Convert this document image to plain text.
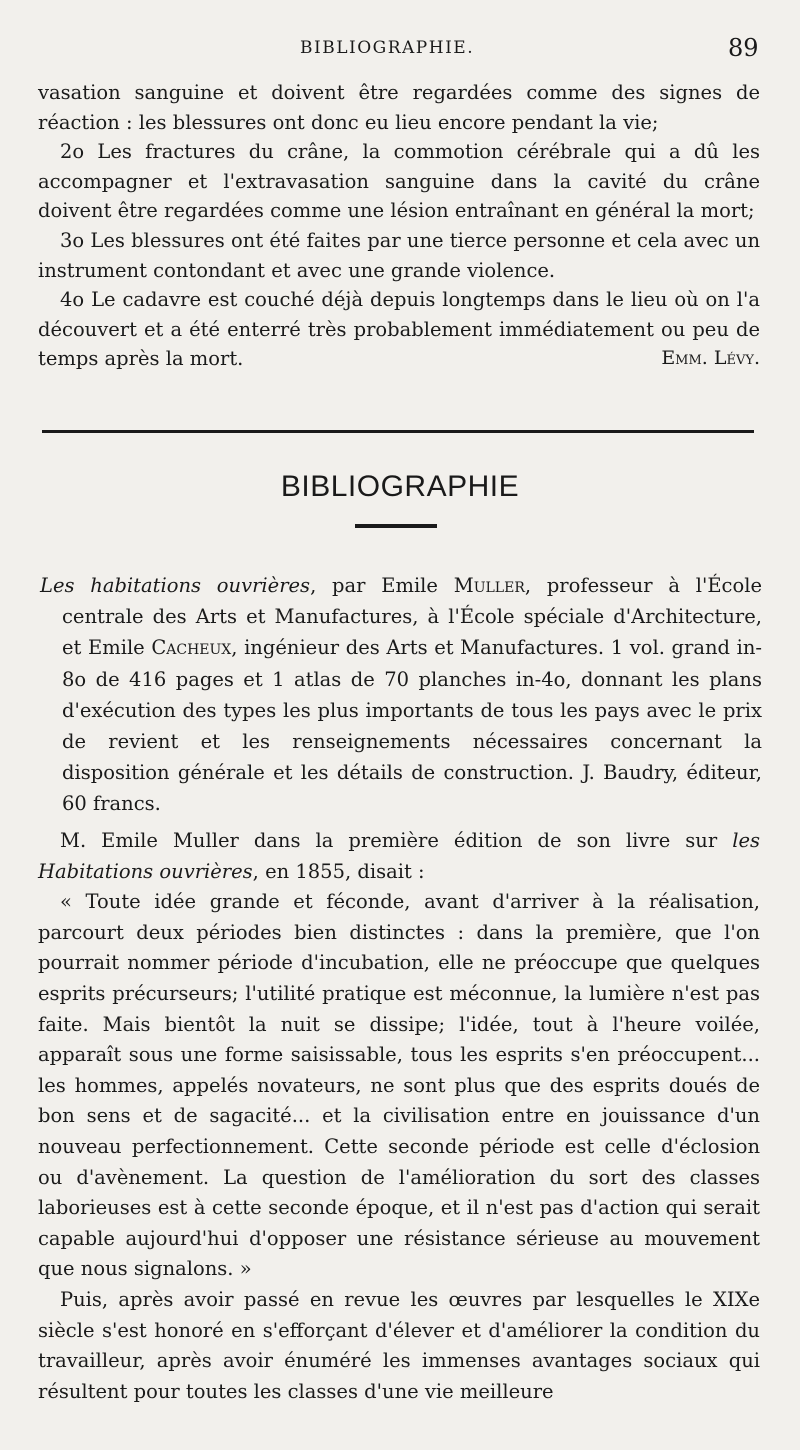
BIBLIOGRAPHIE.	89

vasation sanguine et doivent être regardées comme des signes de réaction : les blessures ont donc eu lieu encore pendant la vie;

2o Les fractures du crâne, la commotion cérébrale qui a dû les accompagner et l'extravasation sanguine dans la cavité du crâne doivent être regardées comme une lésion entraînant en général la mort;

3o Les blessures ont été faites par une tierce personne et cela avec un instrument contondant et avec une grande violence.

4o Le cadavre est couché déjà depuis longtemps dans le lieu où on l'a découvert et a été enterré très probablement immédiatement ou peu de temps après la mort.	Emm. Lévy.

BIBLIOGRAPHIE

Les habitations ouvrières, par Emile Muller, professeur à l'École centrale des Arts et Manufactures, à l'École spéciale d'Architecture, et Emile Cacheux, ingénieur des Arts et Manufactures. 1 vol. grand in-8o de 416 pages et 1 atlas de 70 planches in-4o, donnant les plans d'exécution des types les plus importants de tous les pays avec le prix de revient et les renseignements nécessaires concernant la disposition générale et les détails de construction. J. Baudry, éditeur, 60 francs.

M. Emile Muller dans la première édition de son livre sur les Habitations ouvrières, en 1855, disait :

« Toute idée grande et féconde, avant d'arriver à la réalisation, parcourt deux périodes bien distinctes : dans la première, que l'on pourrait nommer période d'incubation, elle ne préoccupe que quelques esprits précurseurs; l'utilité pratique est méconnue, la lumière n'est pas faite. Mais bientôt la nuit se dissipe; l'idée, tout à l'heure voilée, apparaît sous une forme saisissable, tous les esprits s'en préoccupent... les hommes, appelés novateurs, ne sont plus que des esprits doués de bon sens et de sagacité... et la civilisation entre en jouissance d'un nouveau perfectionnement. Cette seconde période est celle d'éclosion ou d'avènement. La question de l'amélioration du sort des classes laborieuses est à cette seconde époque, et il n'est pas d'action qui serait capable aujourd'hui d'opposer une résistance sérieuse au mouvement que nous signalons. »

Puis, après avoir passé en revue les œuvres par lesquelles le XIXe siècle s'est honoré en s'efforçant d'élever et d'améliorer la condition du travailleur, après avoir énuméré les immenses avantages sociaux qui résultent pour toutes les classes d'une vie meilleure
